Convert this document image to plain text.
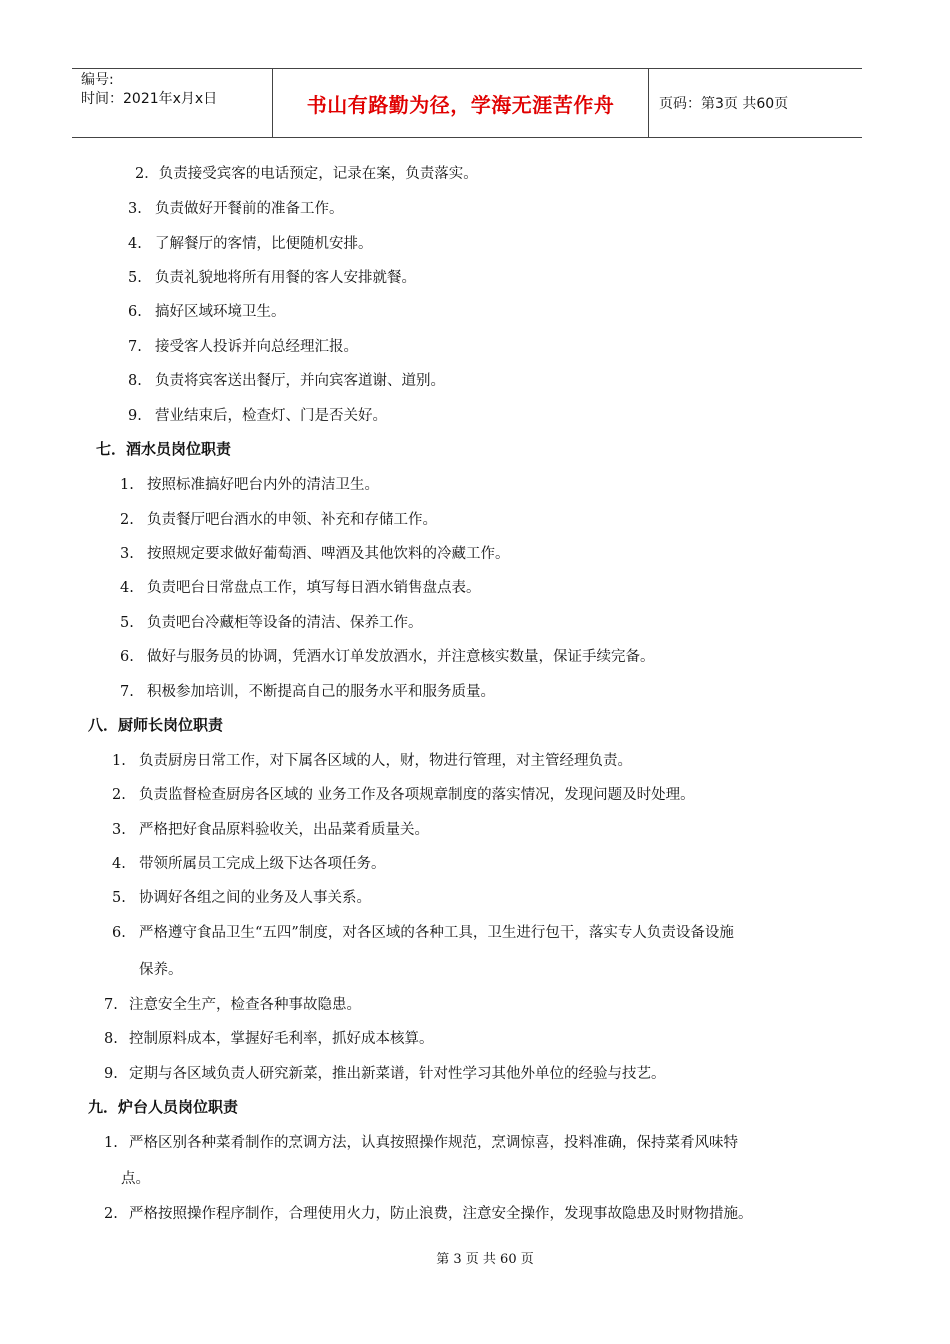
编号:
时间：2021年x月x日	书山有路勤为径，学海无涯苦作舟	页码：第3页 共60页
2．负责接受宾客的电话预定，记录在案，负责落实。
3. 负责做好开餐前的准备工作。
4. 了解餐厅的客情，比便随机安排。
5. 负责礼貌地将所有用餐的客人安排就餐。
6. 搞好区域环境卫生。
7. 接受客人投诉并向总经理汇报。
8. 负责将宾客送出餐厅，并向宾客道谢、道别。
9. 营业结束后，检查灯、门是否关好。
七．酒水员岗位职责
1. 按照标准搞好吧台内外的清洁卫生。
2. 负责餐厅吧台酒水的申领、补充和存储工作。
3. 按照规定要求做好葡萄酒、啤酒及其他饮料的冷藏工作。
4. 负责吧台日常盘点工作，填写每日酒水销售盘点表。
5. 负责吧台冷藏柜等设备的清洁、保养工作。
6. 做好与服务员的协调，凭酒水订单发放酒水，并注意核实数量，保证手续完备。
7. 积极参加培训，不断提高自己的服务水平和服务质量。
八．厨师长岗位职责
1. 负责厨房日常工作，对下属各区域的人，财，物进行管理，对主管经理负责。
2. 负责监督检查厨房各区域的 业务工作及各项规章制度的落实情况，发现问题及时处理。
3. 严格把好食品原料验收关，出品菜肴质量关。
4. 带领所属员工完成上级下达各项任务。
5. 协调好各组之间的业务及人事关系。
6. 严格遵守食品卫生“五四”制度，对各区域的各种工具，卫生进行包干，落实专人负责设备设施
保养。
7. 注意安全生产，检查各种事故隐患。
8. 控制原料成本，掌握好毛利率，抓好成本核算。
9. 定期与各区域负责人研究新菜，推出新菜谱，针对性学习其他外单位的经验与技艺。
九．炉台人员岗位职责
1. 严格区别各种菜肴制作的烹调方法，认真按照操作规范，烹调惊喜，投料准确，保持菜肴风味特
点。
2. 严格按照操作程序制作，合理使用火力，防止浪费，注意安全操作，发现事故隐患及时财物措施。
第 3 页 共 60 页
